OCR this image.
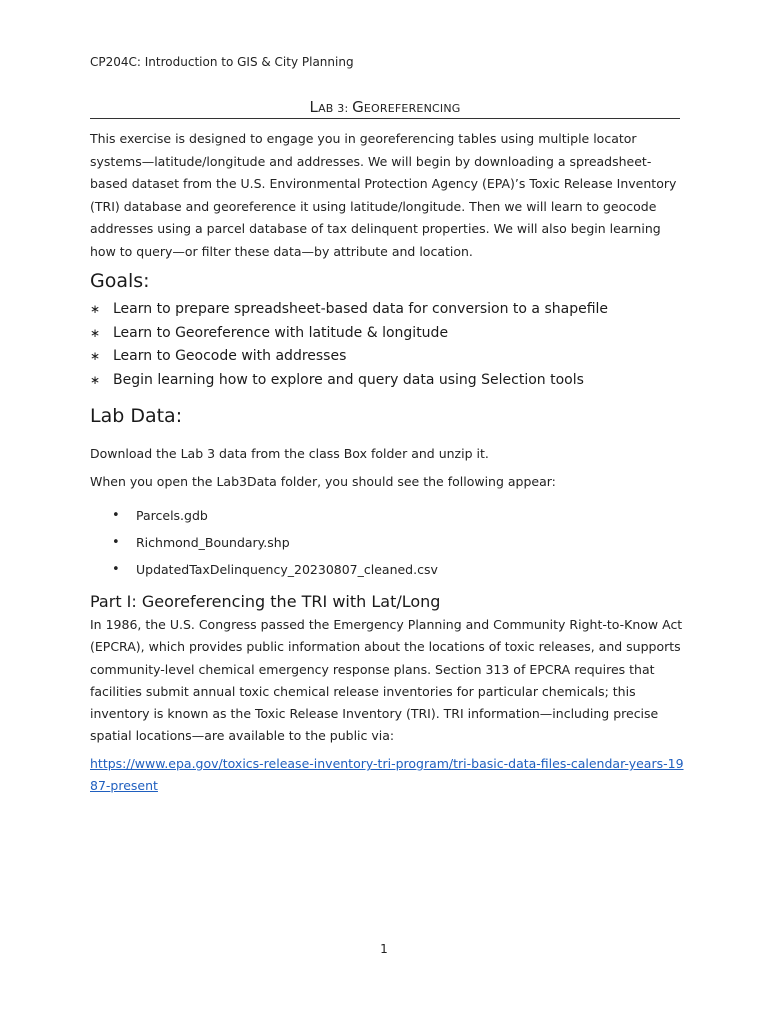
CP204C: Introduction to GIS & City Planning
LAB 3: GEOREFERENCING
This exercise is designed to engage you in georeferencing tables using multiple locator systems—latitude/longitude and addresses. We will begin by downloading a spreadsheet-based dataset from the U.S. Environmental Protection Agency (EPA)’s Toxic Release Inventory (TRI) database and georeference it using latitude/longitude. Then we will learn to geocode addresses using a parcel database of tax delinquent properties. We will also begin learning how to query—or filter these data—by attribute and location.
Goals:
∗ Learn to prepare spreadsheet-based data for conversion to a shapefile
∗ Learn to Georeference with latitude & longitude
∗ Learn to Geocode with addresses
∗ Begin learning how to explore and query data using Selection tools
Lab Data:
Download the Lab 3 data from the class Box folder and unzip it.
When you open the Lab3Data folder, you should see the following appear:
• Parcels.gdb
• Richmond_Boundary.shp
• UpdatedTaxDelinquency_20230807_cleaned.csv
Part I: Georeferencing the TRI with Lat/Long
In 1986, the U.S. Congress passed the Emergency Planning and Community Right-to-Know Act (EPCRA), which provides public information about the locations of toxic releases, and supports community-level chemical emergency response plans. Section 313 of EPCRA requires that facilities submit annual toxic chemical release inventories for particular chemicals; this inventory is known as the Toxic Release Inventory (TRI). TRI information—including precise spatial locations—are available to the public via:
https://www.epa.gov/toxics-release-inventory-tri-program/tri-basic-data-files-calendar-years-1987-present
1
